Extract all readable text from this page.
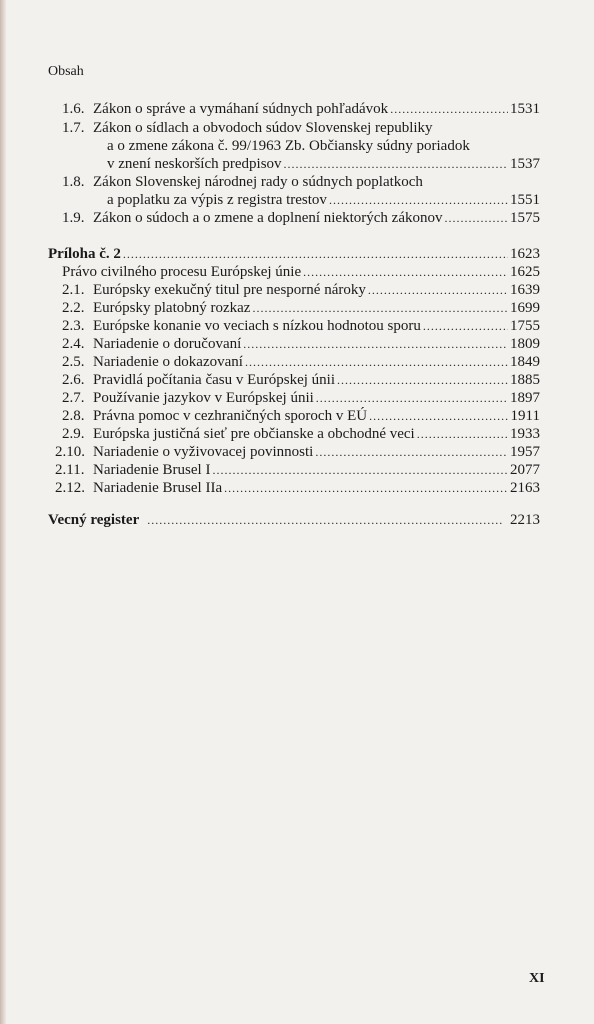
Obsah
1.6. Zákon o správe a vymáhaní súdnych pohľadávok .....	1531
1.7. Zákon o sídlach a obvodoch súdov Slovenskej republiky
a o zmene zákona č. 99/1963 Zb. Občiansky súdny poriadok
v znení neskorších predpisov .....	1537
1.8. Zákon Slovenskej národnej rady o súdnych poplatkoch
a poplatku za výpis z registra trestov .....	1551
1.9. Zákon o súdoch a o zmene a doplnení niektorých zákonov .....	1575
Príloha č. 2 .....	1623
Právo civilného procesu Európskej únie .....	1625
2.1. Európsky exekučný titul pre nesporné nároky .....	1639
2.2. Európsky platobný rozkaz .....	1699
2.3. Európske konanie vo veciach s nízkou hodnotou sporu .....	1755
2.4. Nariadenie o doručovaní .....	1809
2.5. Nariadenie o dokazovaní .....	1849
2.6. Pravidlá počítania času v Európskej únii .....	1885
2.7. Používanie jazykov v Európskej únii .....	1897
2.8. Právna pomoc v cezhraničných sporoch v EÚ .....	1911
2.9. Európska justičná sieť pre občianske a obchodné veci .....	1933
2.10. Nariadenie o vyživovacej povinnosti .....	1957
2.11. Nariadenie Brusel I .....	2077
2.12. Nariadenie Brusel IIa .....	2163
Vecný register .....	2213
XI
